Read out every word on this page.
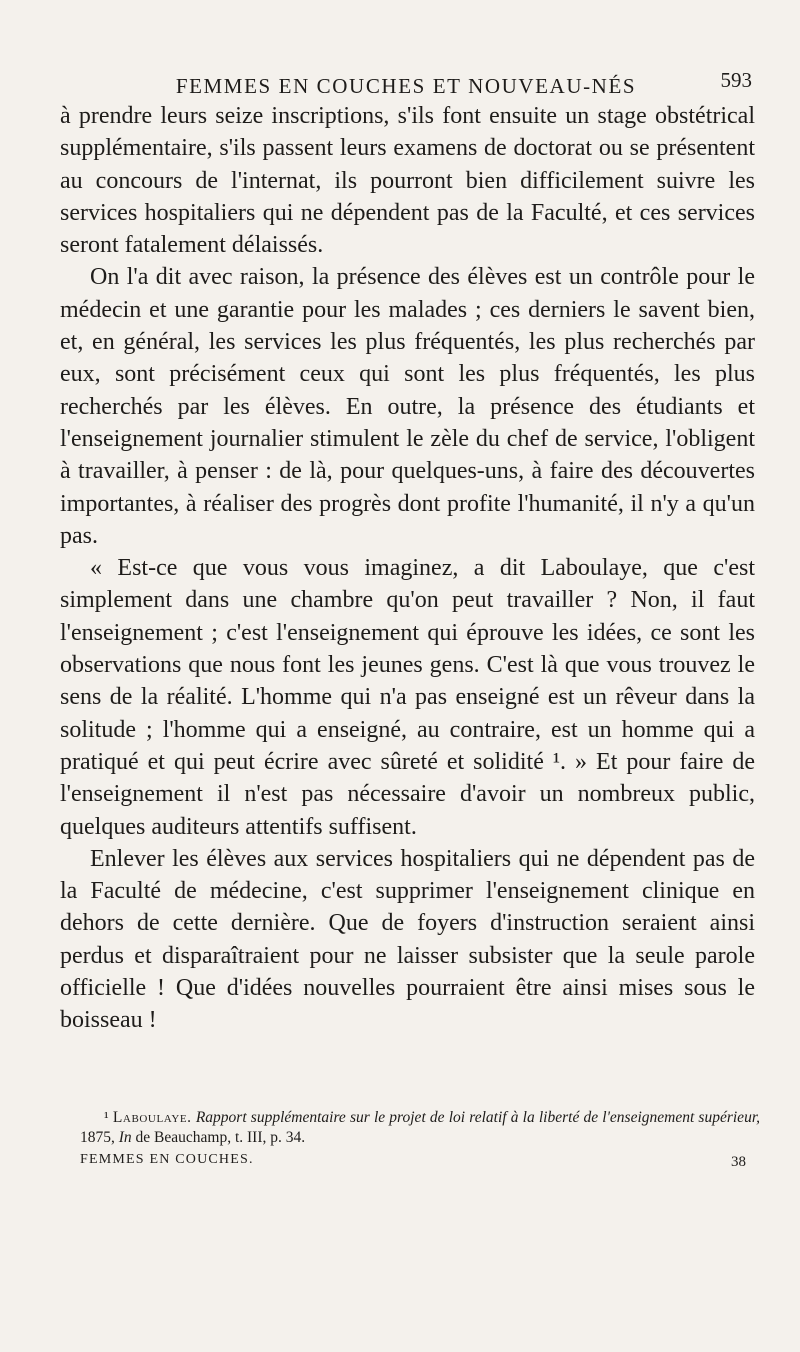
FEMMES EN COUCHES ET NOUVEAU-NÉS	593

à prendre leurs seize inscriptions, s'ils font ensuite un stage obstétrical supplémentaire, s'ils passent leurs examens de doctorat ou se présentent au concours de l'internat, ils pourront bien difficilement suivre les services hospitaliers qui ne dépendent pas de la Faculté, et ces services seront fatalement délaissés.

On l'a dit avec raison, la présence des élèves est un contrôle pour le médecin et une garantie pour les malades ; ces derniers le savent bien, et, en général, les services les plus fréquentés, les plus recherchés par eux, sont précisément ceux qui sont les plus fréquentés, les plus recherchés par les élèves. En outre, la présence des étudiants et l'enseignement journalier stimulent le zèle du chef de service, l'obligent à travailler, à penser : de là, pour quelques-uns, à faire des découvertes importantes, à réaliser des progrès dont profite l'humanité, il n'y a qu'un pas.

« Est-ce que vous vous imaginez, a dit Laboulaye, que c'est simplement dans une chambre qu'on peut travailler ? Non, il faut l'enseignement ; c'est l'enseignement qui éprouve les idées, ce sont les observations que nous font les jeunes gens. C'est là que vous trouvez le sens de la réalité. L'homme qui n'a pas enseigné est un rêveur dans la solitude ; l'homme qui a enseigné, au contraire, est un homme qui a pratiqué et qui peut écrire avec sûreté et solidité ¹. » Et pour faire de l'enseignement il n'est pas nécessaire d'avoir un nombreux public, quelques auditeurs attentifs suffisent.

Enlever les élèves aux services hospitaliers qui ne dépendent pas de la Faculté de médecine, c'est supprimer l'enseignement clinique en dehors de cette dernière. Que de foyers d'instruction seraient ainsi perdus et disparaîtraient pour ne laisser subsister que la seule parole officielle ! Que d'idées nouvelles pourraient être ainsi mises sous le boisseau !

¹ Laboulaye. Rapport supplémentaire sur le projet de loi relatif à la liberté de l'enseignement supérieur, 1875, In de Beauchamp, t. III, p. 34.

FEMMES EN COUCHES.	38
